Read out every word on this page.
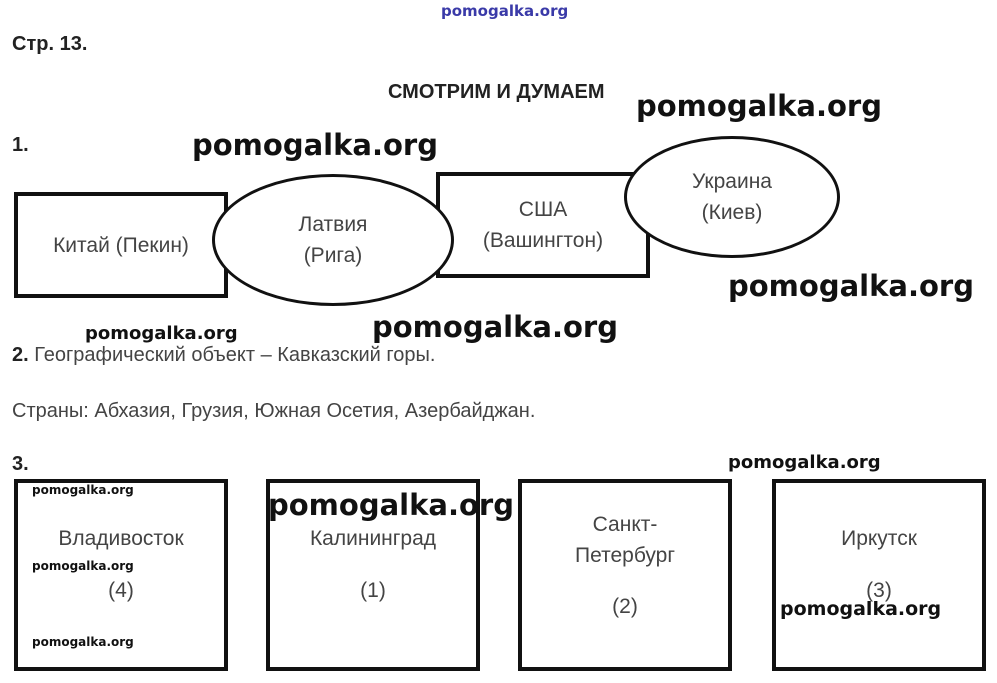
pomogalka.org
Стр. 13.
СМОТРИМ И ДУМАЕМ
1.
Китай (Пекин)
США
(Вашингтон)
Латвия
(Рига)
Украина
(Киев)
2. Географический объект – Кавказский горы.
Страны: Абхазия, Грузия, Южная Осетия, Азербайджан.
3.
Владивосток
(4)
Калининград
(1)
Санкт-
Петербург
(2)
Иркутск
(3)
pomogalka.org
pomogalka.org
pomogalka.org
pomogalka.org
pomogalka.org
pomogalka.org
pomogalka.org
pomogalka.org
pomogalka.org
pomogalka.org
pomogalka.org
